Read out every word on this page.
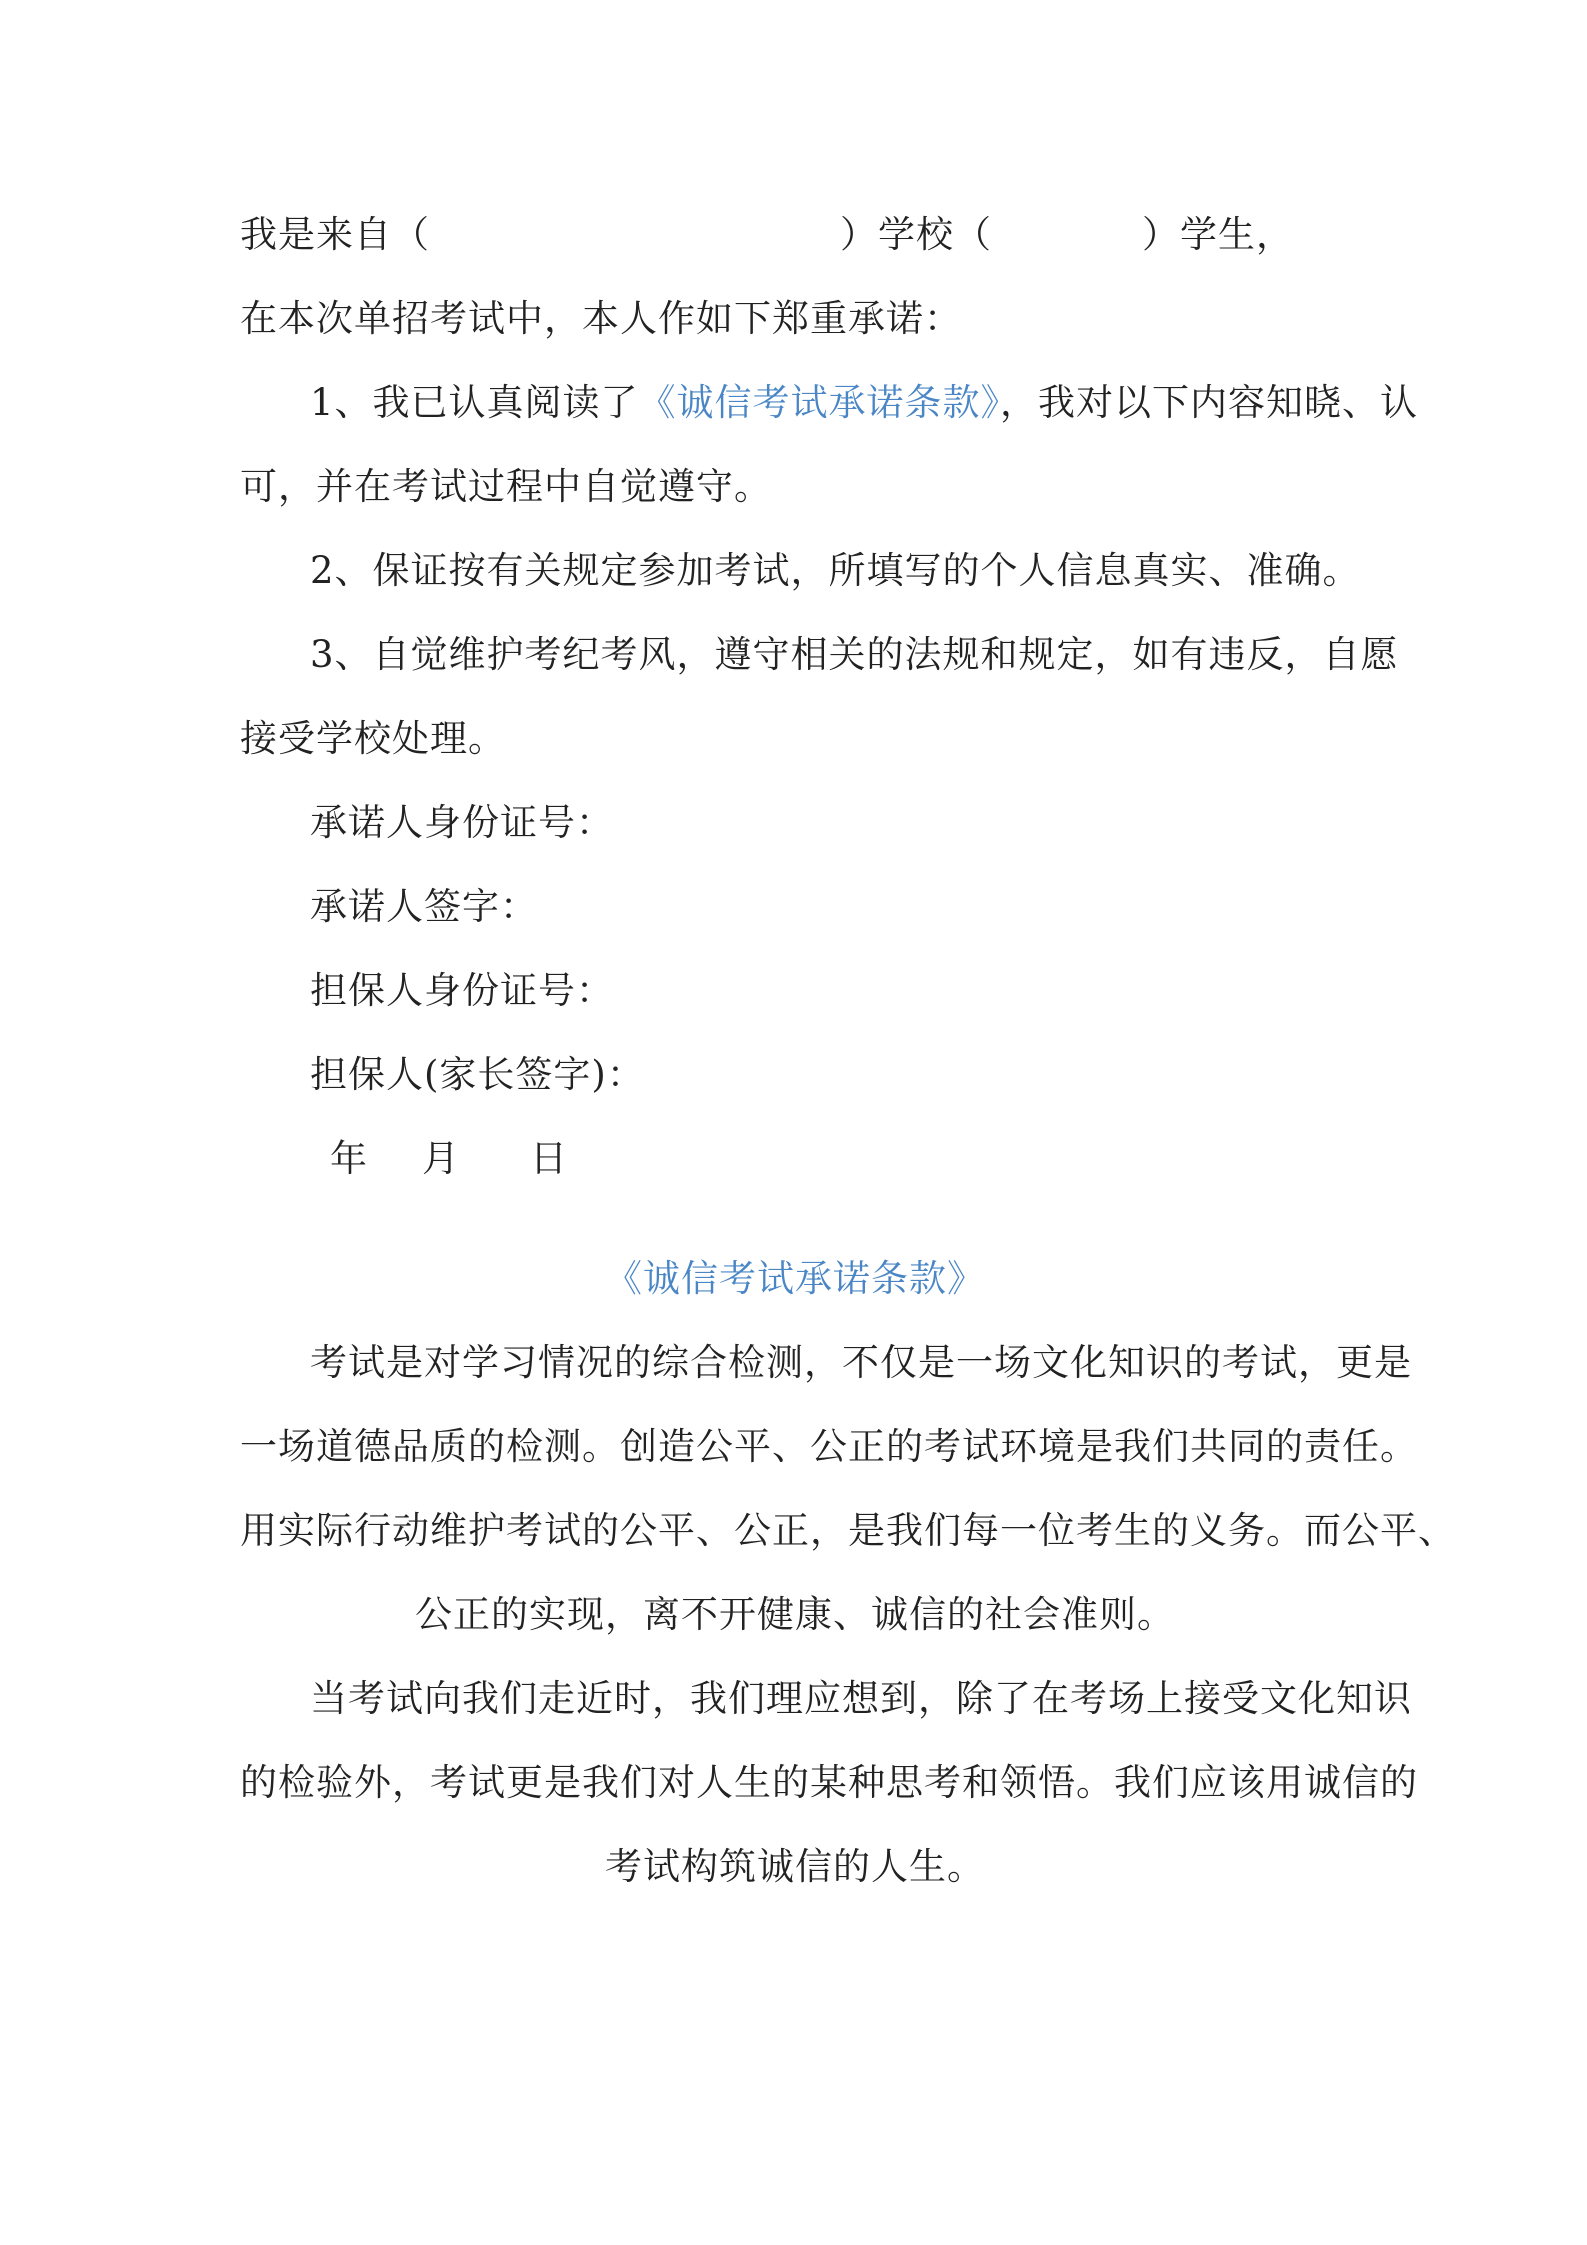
我是来自（	）学校（	）学生，
在本次单招考试中，本人作如下郑重承诺：
1、我已认真阅读了《诚信考试承诺条款》，我对以下内容知晓、认
可，并在考试过程中自觉遵守。
2、保证按有关规定参加考试，所填写的个人信息真实、准确。
3、自觉维护考纪考风，遵守相关的法规和规定，如有违反，自愿
接受学校处理。
承诺人身份证号：
承诺人签字：
担保人身份证号：
担保人(家长签字)：
年 月 日
《诚信考试承诺条款》
考试是对学习情况的综合检测，不仅是一场文化知识的考试，更是
一场道德品质的检测。创造公平、公正的考试环境是我们共同的责任。
用实际行动维护考试的公平、公正，是我们每一位考生的义务。而公平、
公正的实现，离不开健康、诚信的社会准则。
当考试向我们走近时，我们理应想到，除了在考场上接受文化知识
的检验外，考试更是我们对人生的某种思考和领悟。我们应该用诚信的
考试构筑诚信的人生。
